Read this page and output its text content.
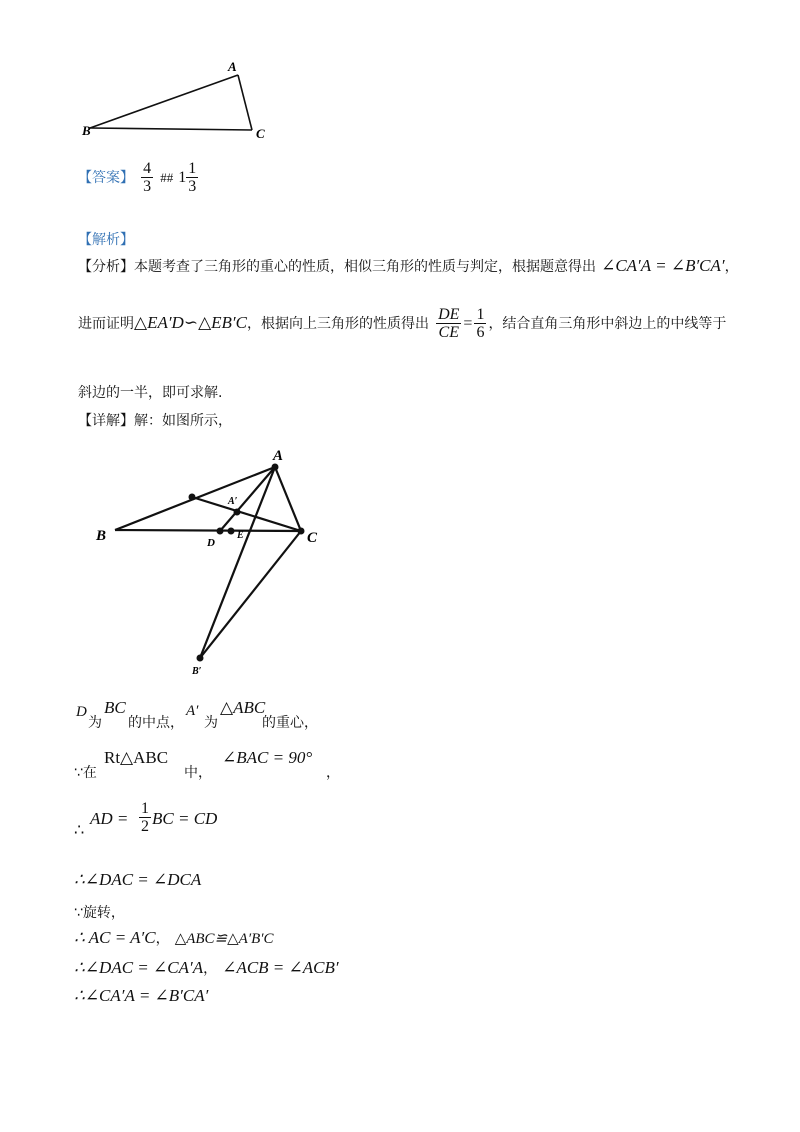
A
B	C
【答案】 $\frac{4}{3}$ ## $1 \frac{1}{3}$
【解析】
【分析】本题考查了三角形的重心的性质，相似三角形的性质与判定，根据题意得出 ∠CA′A = ∠B′CA′，
进而证明△EA′D∽△EB′C，根据向上三角形的性质得出 $\frac{DE}{CE} = \frac{1}{6}$ ，结合直角三角形中斜边上的中线等于
斜边的一半，即可求解.
【详解】解：如图所示，
A
B	C
D
E
A′
B′
D
为
BC
的中点，
A′
为
△ABC
的重心，
∵在
Rt△ABC
中，
∠BAC = 90°
，
∴
AD = $\frac{1}{2}$ BC = CD
∴∠DAC = ∠DCA
∵旋转，
∴ AC = A′C， △ABC≌△A′B′C
∴∠DAC = ∠CA′A， ∠ACB = ∠ACB′
∴∠CA′A = ∠B′CA′
